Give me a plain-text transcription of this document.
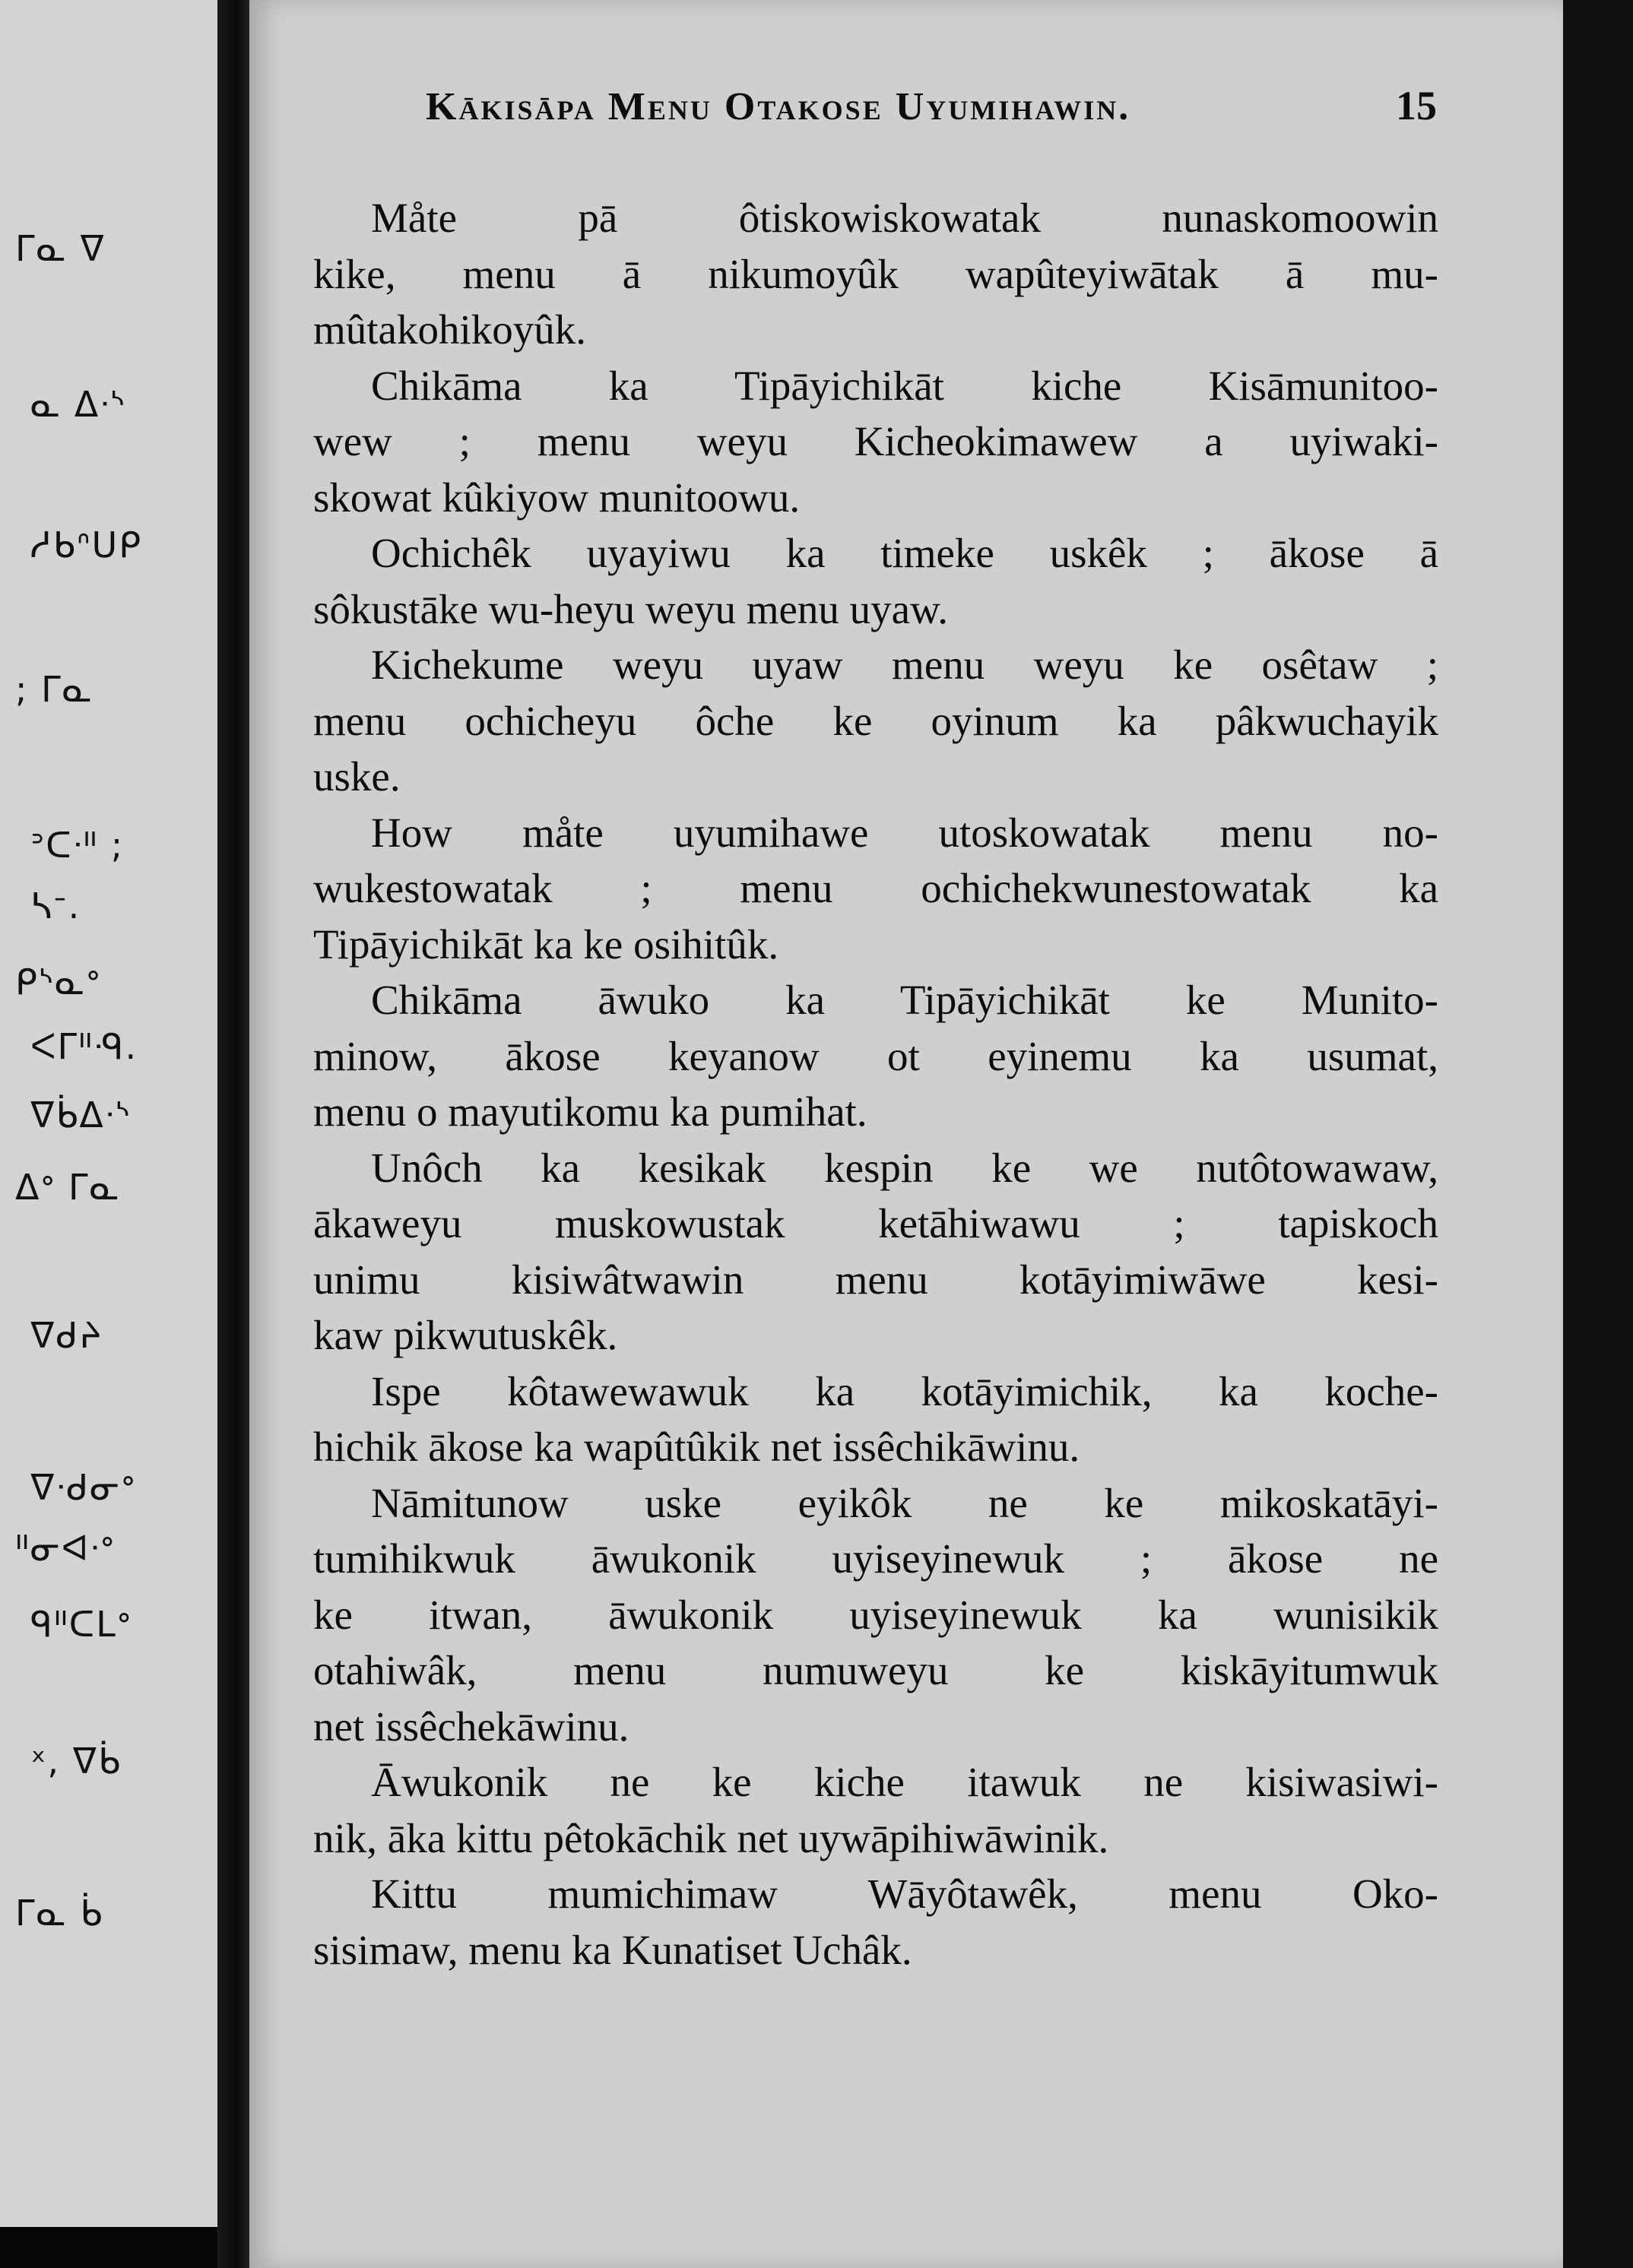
ᒥᓇ ᐁ
ᓇ ᐃᐧᔅ
ᓱᑲᐢᑌᑭ
; ᒥᓇ
ᐣᑕᐧᐦ ;
ᓴᐨ.
ᑭᔅᓇᐤ
ᐸᒥᐦᑴ.
ᐁᑳᐃᐧᔅ
ᐃᐤ ᒥᓇ
ᐁᑯᔨ
ᐁᐧᑯᓂᐤ
ᐦᓂᐊᐧᐤ
ᑫᐦᑕᒪᐤ
ˣ, ᐁᑳ
ᒥᓇ ᑳ
Kākisāpa Menu Otakose Uyumihawin.	15
Måte pā ôtiskowiskowatak nunaskomoowin
kike, menu ā nikumoyûk wapûteyiwātak ā mu-
mûtakohikoyûk.
Chikāma ka Tipāyichikāt kiche Kisāmunitoo-
wew ; menu weyu Kicheokimawew a uyiwaki-
skowat kûkiyow munitoowu.
Ochichêk uyayiwu ka timeke uskêk ; ākose ā
sôkustāke wu-heyu weyu menu uyaw.
Kichekume weyu uyaw menu weyu ke osêtaw ;
menu ochicheyu ôche ke oyinum ka pâkwuchayik
uske.
How måte uyumihawe utoskowatak menu no-
wukestowatak ; menu ochichekwunestowatak ka
Tipāyichikāt ka ke osihitûk.
Chikāma āwuko ka Tipāyichikāt ke Munito-
minow, ākose keyanow ot eyinemu ka usumat,
menu o mayutikomu ka pumihat.
Unôch ka kesikak kespin ke we nutôtowawaw,
ākaweyu muskowustak ketāhiwawu ; tapiskoch
unimu kisiwâtwawin menu kotāyimiwāwe kesi-
kaw pikwutuskêk.
Ispe kôtawewawuk ka kotāyimichik, ka koche-
hichik ākose ka wapûtûkik net issêchikāwinu.
Nāmitunow uske eyikôk ne ke mikoskatāyi-
tumihikwuk āwukonik uyiseyinewuk ; ākose ne
ke itwan, āwukonik uyiseyinewuk ka wunisikik
otahiwâk, menu numuweyu ke kiskāyitumwuk
net issêchekāwinu.
Āwukonik ne ke kiche itawuk ne kisiwasiwi-
nik, āka kittu pêtokāchik net uywāpihiwāwinik.
Kittu mumichimaw Wāyôtawêk, menu Oko-
sisimaw, menu ka Kunatiset Uchâk.
